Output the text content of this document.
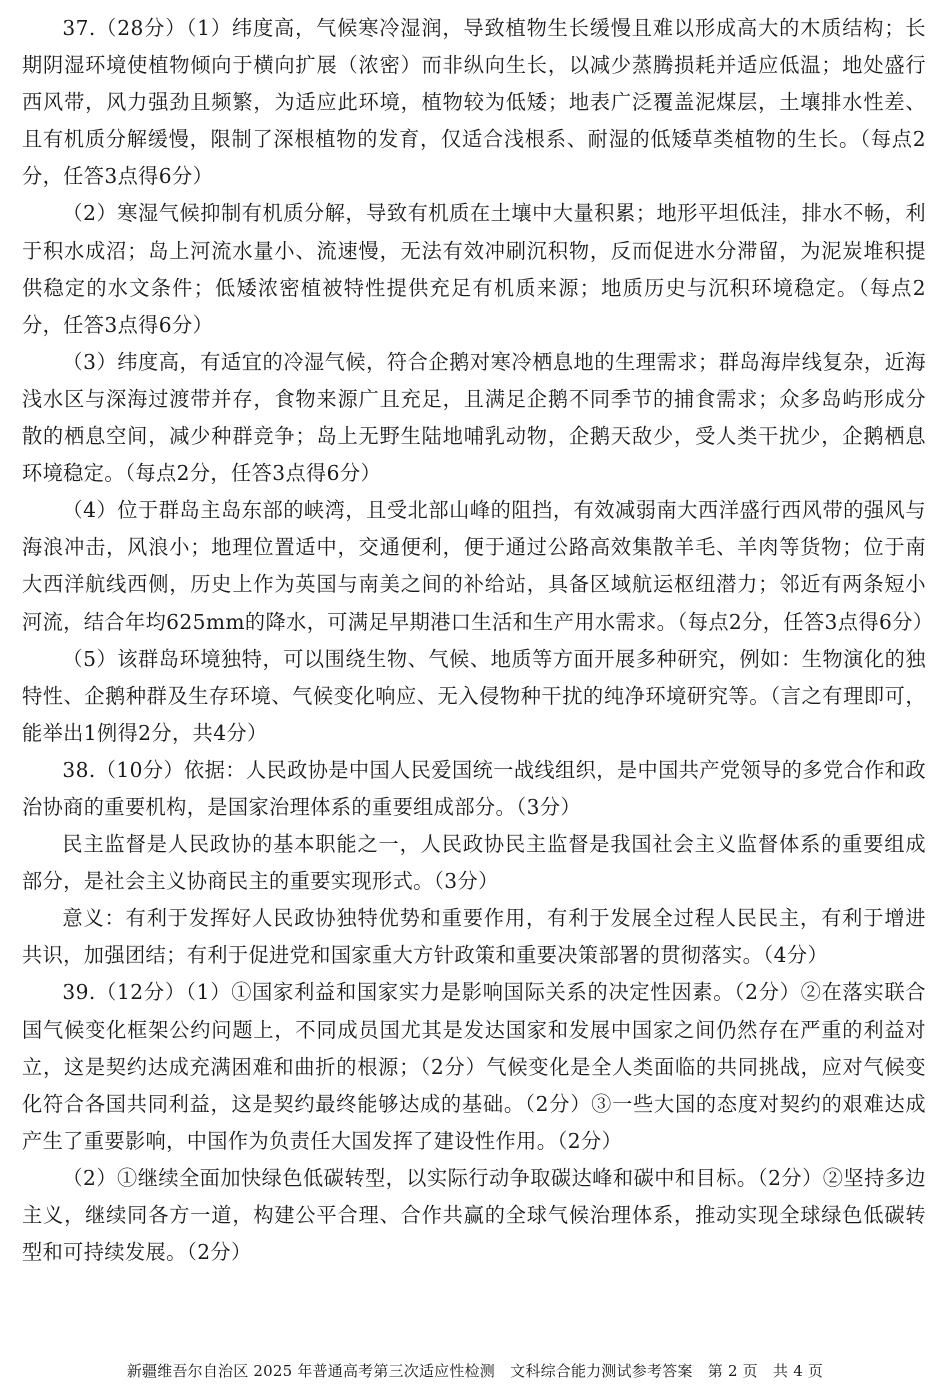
37.（28分）（1）纬度高，气候寒冷湿润，导致植物生长缓慢且难以形成高大的木质结构；长期阴湿环境使植物倾向于横向扩展（浓密）而非纵向生长，以减少蒸腾损耗并适应低温；地处盛行西风带，风力强劲且频繁，为适应此环境，植物较为低矮；地表广泛覆盖泥煤层，土壤排水性差、且有机质分解缓慢，限制了深根植物的发育，仅适合浅根系、耐湿的低矮草类植物的生长。（每点2分，任答3点得6分）

（2）寒湿气候抑制有机质分解，导致有机质在土壤中大量积累；地形平坦低洼，排水不畅，利于积水成沼；岛上河流水量小、流速慢，无法有效冲刷沉积物，反而促进水分滞留，为泥炭堆积提供稳定的水文条件；低矮浓密植被特性提供充足有机质来源；地质历史与沉积环境稳定。（每点2分，任答3点得6分）

（3）纬度高，有适宜的冷湿气候，符合企鹅对寒冷栖息地的生理需求；群岛海岸线复杂，近海浅水区与深海过渡带并存，食物来源广且充足，且满足企鹅不同季节的捕食需求；众多岛屿形成分散的栖息空间，减少种群竞争；岛上无野生陆地哺乳动物，企鹅天敌少，受人类干扰少，企鹅栖息环境稳定。（每点2分，任答3点得6分）

（4）位于群岛主岛东部的峡湾，且受北部山峰的阻挡，有效减弱南大西洋盛行西风带的强风与海浪冲击，风浪小；地理位置适中，交通便利，便于通过公路高效集散羊毛、羊肉等货物；位于南大西洋航线西侧，历史上作为英国与南美之间的补给站，具备区域航运枢纽潜力；邻近有两条短小河流，结合年均625mm的降水，可满足早期港口生活和生产用水需求。（每点2分，任答3点得6分）

（5）该群岛环境独特，可以围绕生物、气候、地质等方面开展多种研究，例如：生物演化的独特性、企鹅种群及生存环境、气候变化响应、无入侵物种干扰的纯净环境研究等。（言之有理即可，能举出1例得2分，共4分）

38.（10分）依据：人民政协是中国人民爱国统一战线组织，是中国共产党领导的多党合作和政治协商的重要机构，是国家治理体系的重要组成部分。（3分）

民主监督是人民政协的基本职能之一，人民政协民主监督是我国社会主义监督体系的重要组成部分，是社会主义协商民主的重要实现形式。（3分）

意义：有利于发挥好人民政协独特优势和重要作用，有利于发展全过程人民民主，有利于增进共识，加强团结；有利于促进党和国家重大方针政策和重要决策部署的贯彻落实。（4分）

39.（12分）（1）①国家利益和国家实力是影响国际关系的决定性因素。（2分）②在落实联合国气候变化框架公约问题上，不同成员国尤其是发达国家和发展中国家之间仍然存在严重的利益对立，这是契约达成充满困难和曲折的根源；（2分）气候变化是全人类面临的共同挑战，应对气候变化符合各国共同利益，这是契约最终能够达成的基础。（2分）③一些大国的态度对契约的艰难达成产生了重要影响，中国作为负责任大国发挥了建设性作用。（2分）

（2）①继续全面加快绿色低碳转型，以实际行动争取碳达峰和碳中和目标。（2分）②坚持多边主义，继续同各方一道，构建公平合理、合作共赢的全球气候治理体系，推动实现全球绿色低碳转型和可持续发展。（2分）

新疆维吾尔自治区 2025 年普通高考第三次适应性检测　文科综合能力测试参考答案　第 2 页　共 4 页
